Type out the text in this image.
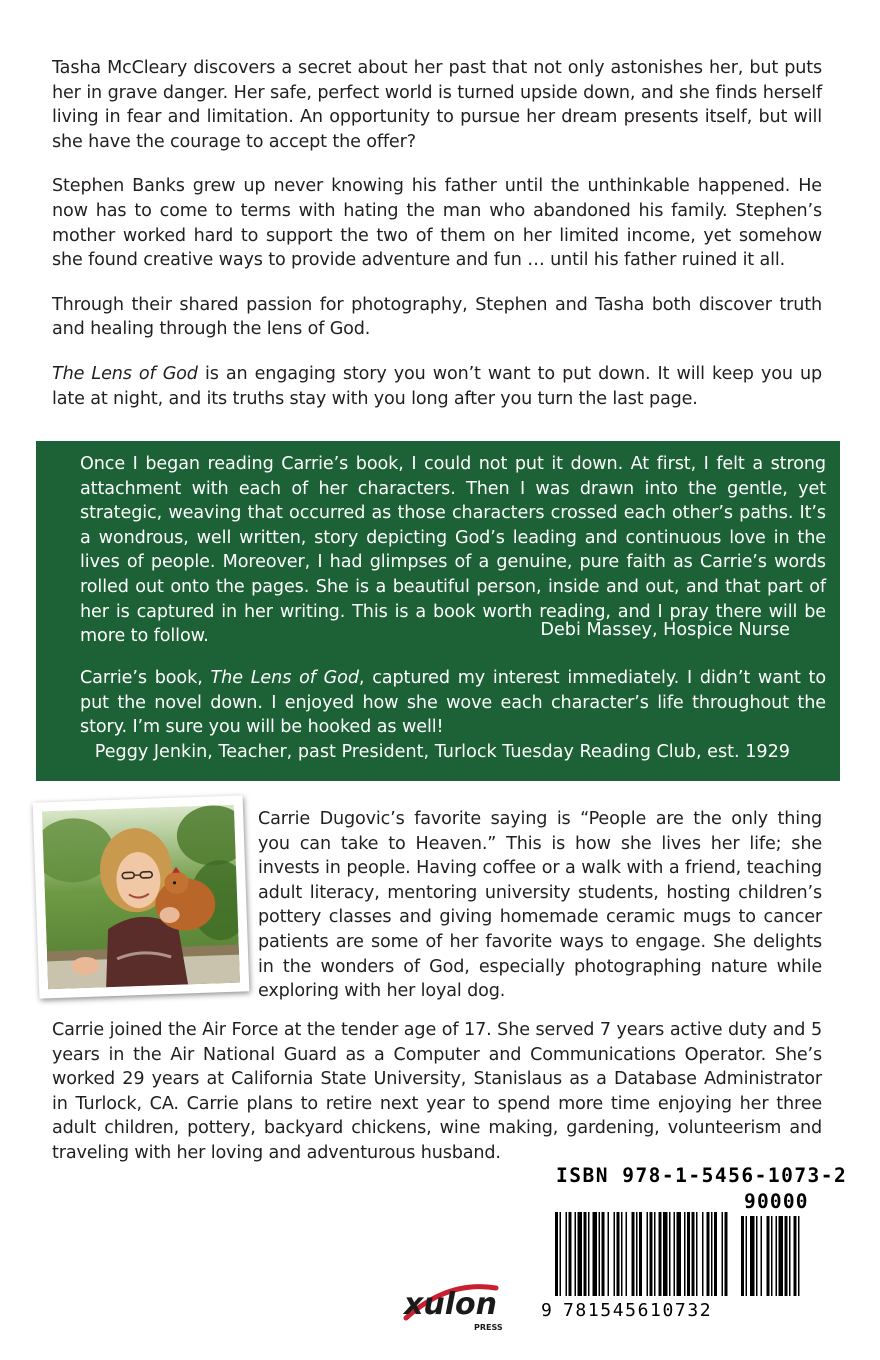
Tasha McCleary discovers a secret about her past that not only astonishes her, but puts her in grave danger. Her safe, perfect world is turned upside down, and she finds herself living in fear and limitation. An opportunity to pursue her dream presents itself, but will she have the courage to accept the offer?

Stephen Banks grew up never knowing his father until the unthinkable happened. He now has to come to terms with hating the man who abandoned his family. Stephen’s mother worked hard to support the two of them on her limited income, yet somehow she found creative ways to provide adventure and fun … until his father ruined it all.

Through their shared passion for photography, Stephen and Tasha both discover truth and healing through the lens of God.

The Lens of God is an engaging story you won’t want to put down. It will keep you up late at night, and its truths stay with you long after you turn the last page.

Once I began reading Carrie’s book, I could not put it down. At first, I felt a strong attachment with each of her characters. Then I was drawn into the gentle, yet strategic, weaving that occurred as those characters crossed each other’s paths. It’s a wondrous, well written, story depicting God’s leading and continuous love in the lives of people. Moreover, I had glimpses of a genuine, pure faith as Carrie’s words rolled out onto the pages. She is a beautiful person, inside and out, and that part of her is captured in her writing. This is a book worth reading, and I pray there will be more to follow.	Debi Massey, Hospice Nurse
Carrie’s book, The Lens of God, captured my interest immediately. I didn’t want to put the novel down. I enjoyed how she wove each character’s life throughout the story. I’m sure you will be hooked as well!
Peggy Jenkin, Teacher, past President, Turlock Tuesday Reading Club, est. 1929
Carrie Dugovic’s favorite saying is “People are the only thing you can take to Heaven.” This is how she lives her life; she invests in people. Having coffee or a walk with a friend, teaching adult literacy, mentoring university students, hosting children’s pottery classes and giving homemade ceramic mugs to cancer patients are some of her favorite ways to engage. She delights in the wonders of God, especially photographing nature while exploring with her loyal dog.
Carrie joined the Air Force at the tender age of 17. She served 7 years active duty and 5 years in the Air National Guard as a Computer and Communications Operator. She’s worked 29 years at California State University, Stanislaus as a Database Administrator in Turlock, CA. Carrie plans to retire next year to spend more time enjoying her three adult children, pottery, backyard chickens, wine making, gardening, volunteerism and traveling with her loving and adventurous husband.
xulon
PRESS
ISBN 978-1-5456-1073-2
90000
9 781545610732
